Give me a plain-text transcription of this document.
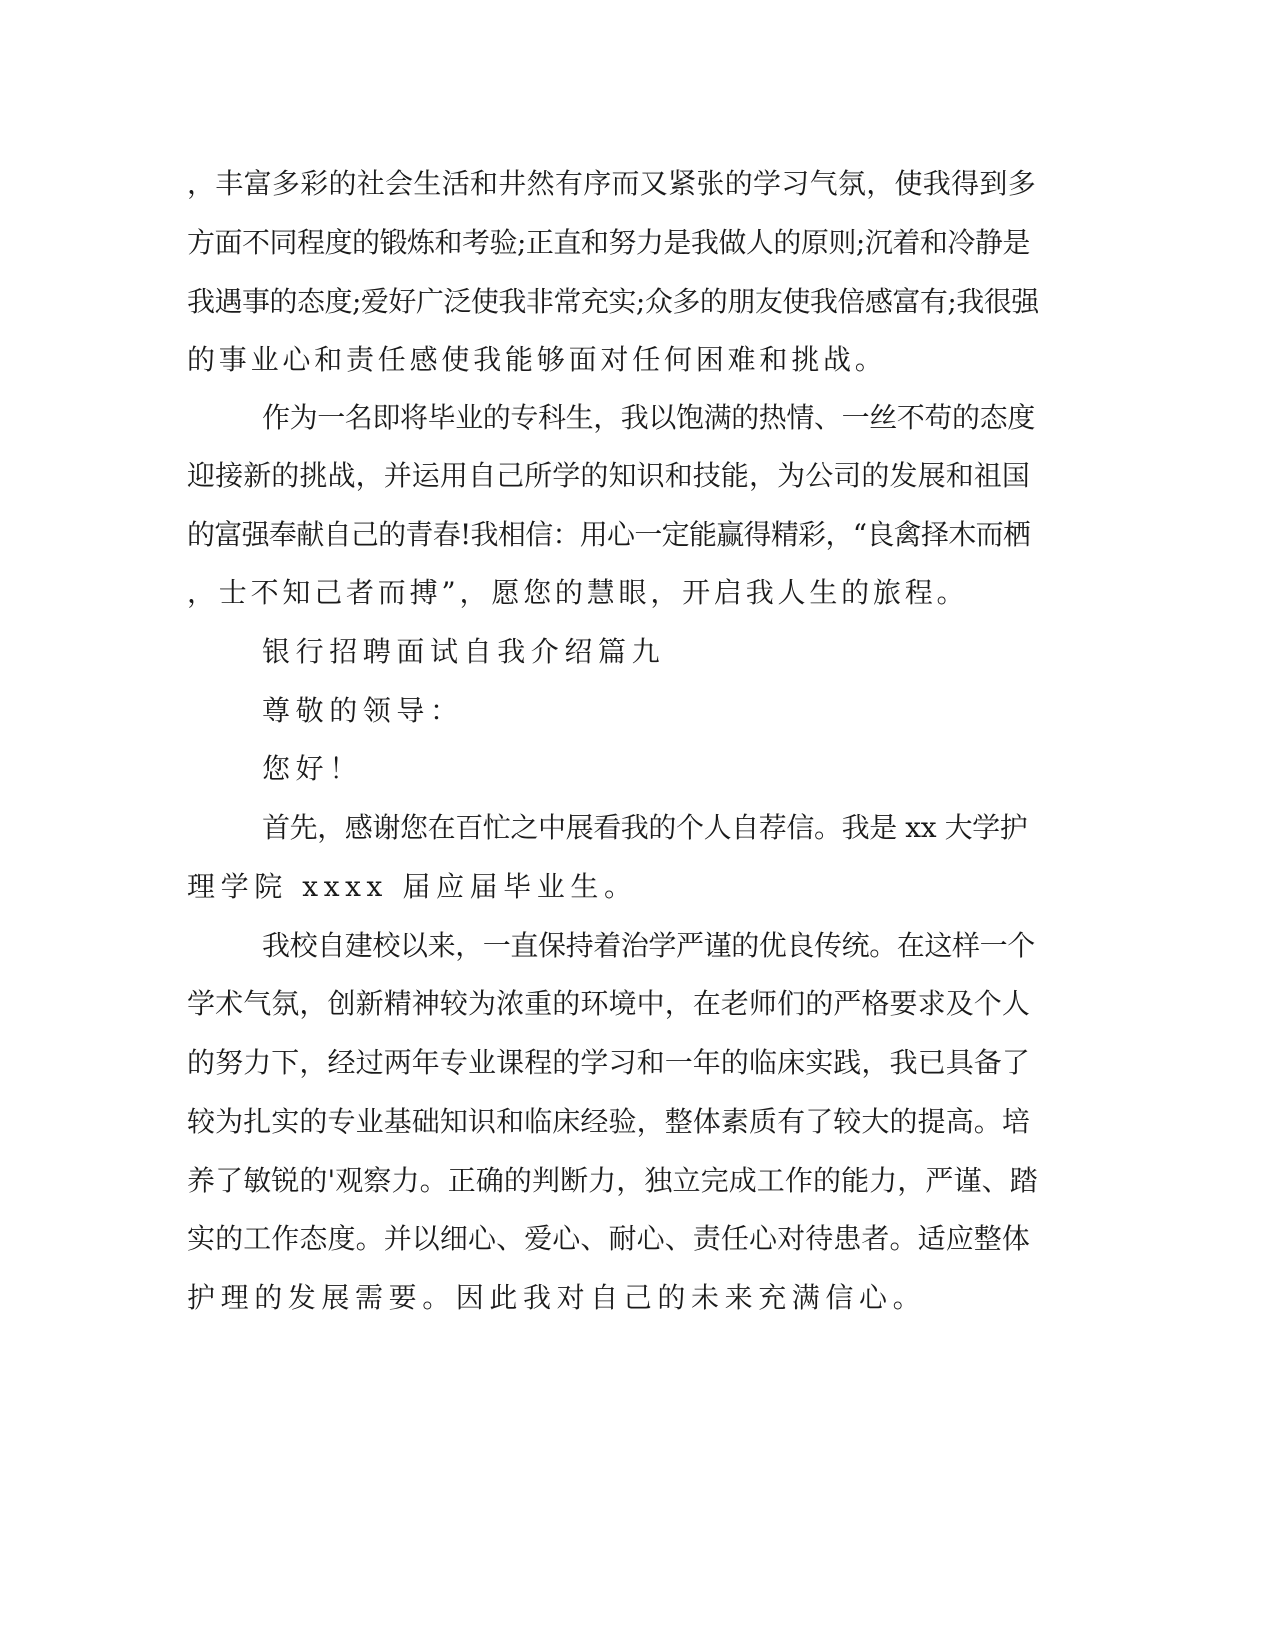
，丰富多彩的社会生活和井然有序而又紧张的学习气氛，使我得到多

方面不同程度的锻炼和考验;正直和努力是我做人的原则;沉着和冷静是

我遇事的态度;爱好广泛使我非常充实;众多的朋友使我倍感富有;我很强

的事业心和责任感使我能够面对任何困难和挑战。

作为一名即将毕业的专科生，我以饱满的热情、一丝不苟的态度

迎接新的挑战，并运用自己所学的知识和技能，为公司的发展和祖国

的富强奉献自己的青春!我相信：用心一定能赢得精彩，“良禽择木而栖

，士不知己者而搏”，愿您的慧眼，开启我人生的旅程。

银行招聘面试自我介绍篇九

尊敬的领导：

您好！

首先，感谢您在百忙之中展看我的个人自荐信。我是 xx 大学护

理学院 xxxx 届应届毕业生。

我校自建校以来，一直保持着治学严谨的优良传统。在这样一个

学术气氛，创新精神较为浓重的环境中，在老师们的严格要求及个人

的努力下，经过两年专业课程的学习和一年的临床实践，我已具备了

较为扎实的专业基础知识和临床经验，整体素质有了较大的提高。培

养了敏锐的'观察力。正确的判断力，独立完成工作的能力，严谨、踏

实的工作态度。并以细心、爱心、耐心、责任心对待患者。适应整体

护理的发展需要。因此我对自己的未来充满信心。
